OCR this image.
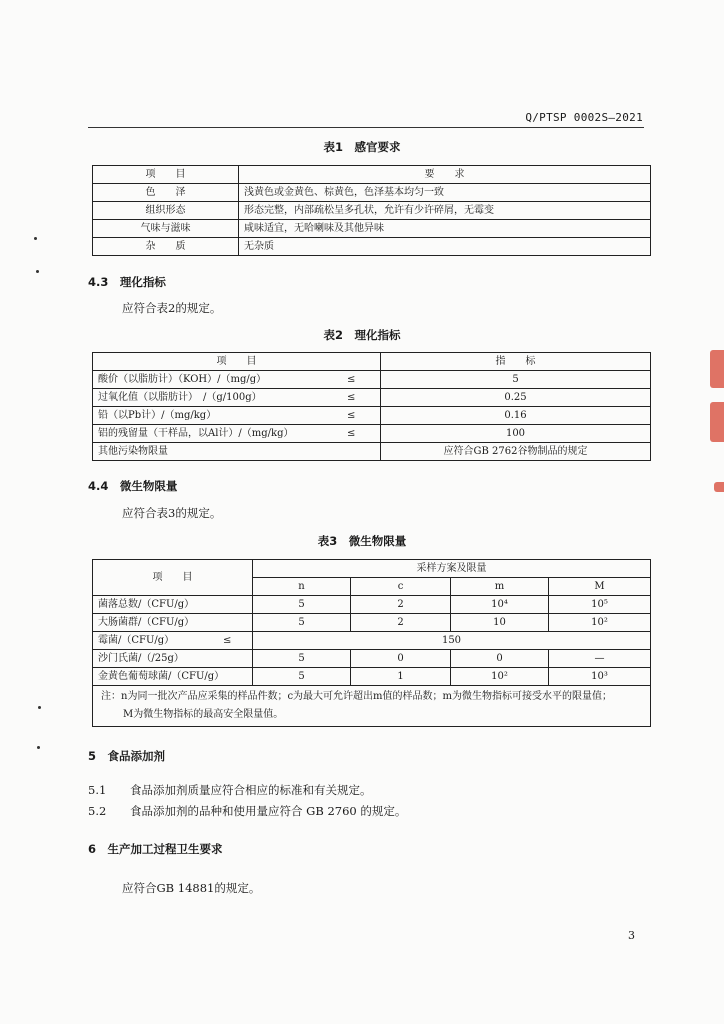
Q/PTSP 0002S—2021
表1　感官要求
项　　目	要　　求
色　　泽	浅黄色或金黄色、棕黄色，色泽基本均匀一致
组织形态	形态完整，内部疏松呈多孔状，允许有少许碎屑，无霉变
气味与滋味	咸味适宜，无哈喇味及其他异味
杂　　质	无杂质
4.3　理化指标
应符合表2的规定。
表2　理化指标
项　　目		指　　标
酸价（以脂肪计）（KOH）/（mg/g）	≤	5
过氧化值（以脂肪计）　/（g/100g）	≤	0.25
铅（以Pb计）/（mg/kg）	≤	0.16
铝的残留量（干样品，以Al计）/（mg/kg）	≤	100
其他污染物限量		应符合GB 2762谷物制品的规定
4.4　微生物限量
应符合表3的规定。
表3　微生物限量
项　　目		采样方案及限量			
		n	c	m	M
菌落总数/（CFU/g）		5	2	10⁴	10⁵
大肠菌群/（CFU/g）		5	2	10	10²
霉菌/（CFU/g）	≤	150			
沙门氏菌/（/25g）		5	0	0	—
金黄色葡萄球菌/（CFU/g）		5	1	10²	10³

注：n为同一批次产品应采集的样品件数；c为最大可允许超出m值的样品数；m为微生物指标可接受水平的限量值；
M为微生物指标的最高安全限量值。					
5　食品添加剂
5.1 食品添加剂质量应符合相应的标准和有关规定。
5.2 食品添加剂的品种和使用量应符合 GB 2760 的规定。
6　生产加工过程卫生要求
应符合GB 14881的规定。
3
